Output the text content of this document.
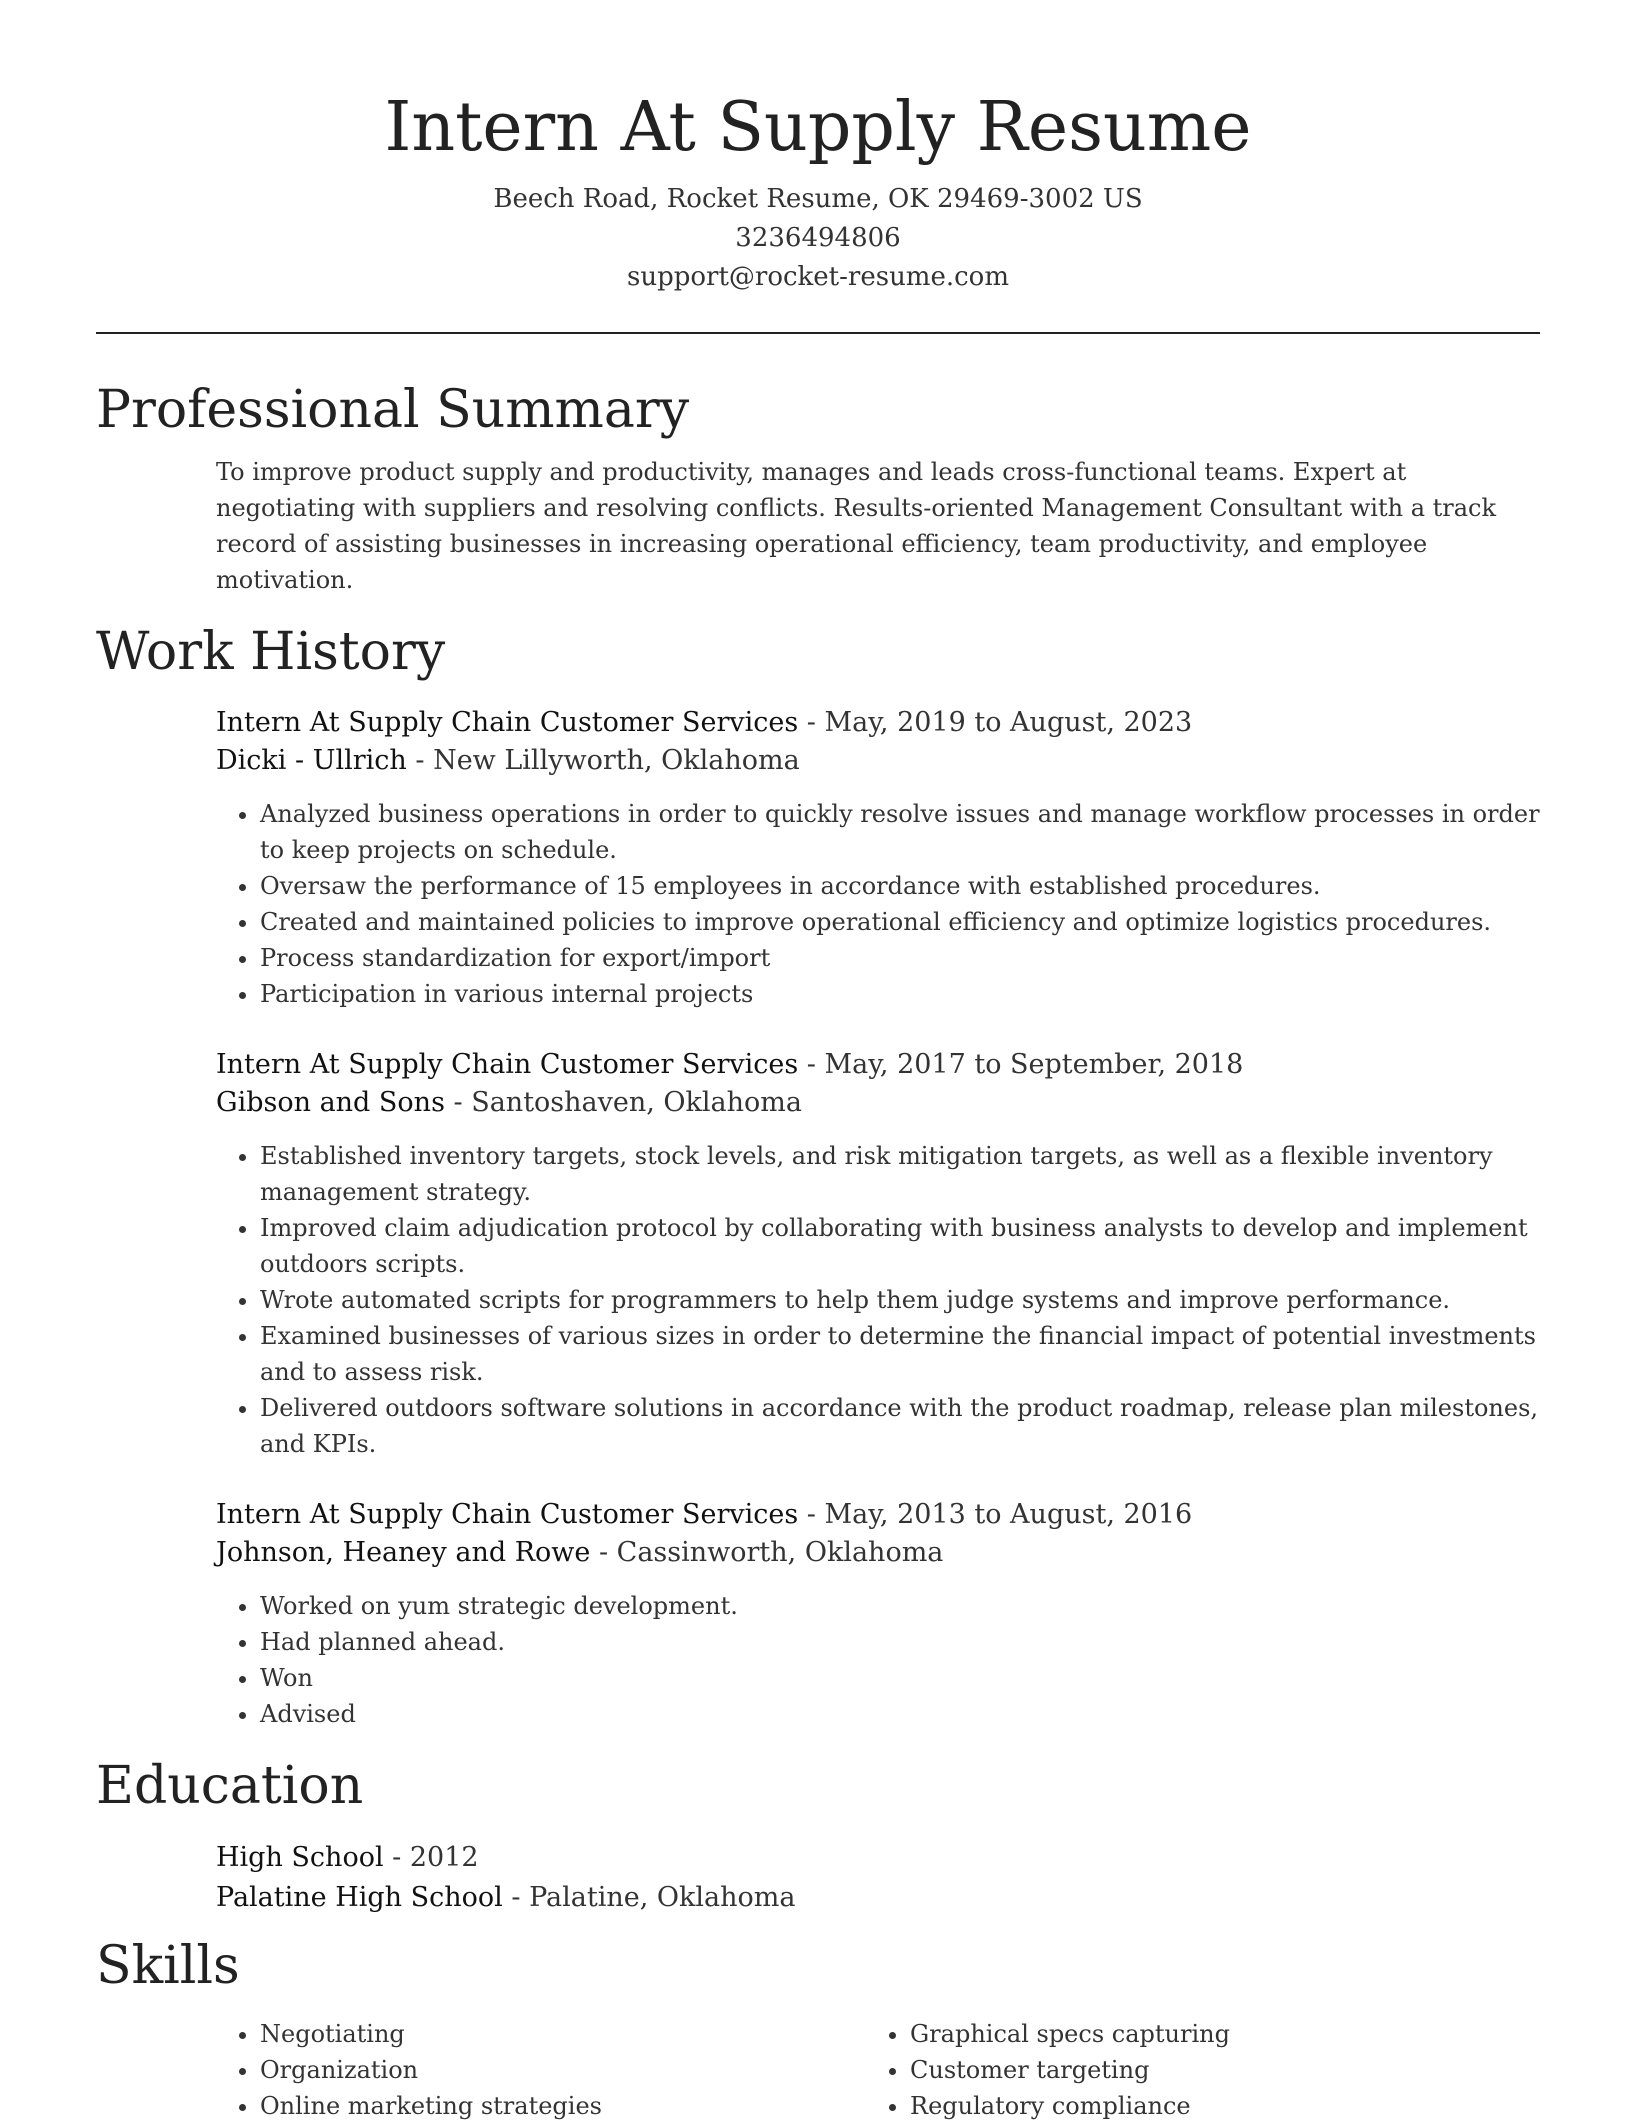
Intern At Supply Resume
Beech Road, Rocket Resume, OK 29469-3002 US
3236494806
support@rocket-resume.com
Professional Summary
To improve product supply and productivity, manages and leads cross-functional teams. Expert at negotiating with suppliers and resolving conflicts. Results-oriented Management Consultant with a track record of assisting businesses in increasing operational efficiency, team productivity, and employee motivation.
Work History
Intern At Supply Chain Customer Services - May, 2019 to August, 2023
Dicki - Ullrich - New Lillyworth, Oklahoma
• Analyzed business operations in order to quickly resolve issues and manage workflow processes in order to keep projects on schedule.
• Oversaw the performance of 15 employees in accordance with established procedures.
• Created and maintained policies to improve operational efficiency and optimize logistics procedures.
• Process standardization for export/import
• Participation in various internal projects
Intern At Supply Chain Customer Services - May, 2017 to September, 2018
Gibson and Sons - Santoshaven, Oklahoma
• Established inventory targets, stock levels, and risk mitigation targets, as well as a flexible inventory management strategy.
• Improved claim adjudication protocol by collaborating with business analysts to develop and implement outdoors scripts.
• Wrote automated scripts for programmers to help them judge systems and improve performance.
• Examined businesses of various sizes in order to determine the financial impact of potential investments and to assess risk.
• Delivered outdoors software solutions in accordance with the product roadmap, release plan milestones, and KPIs.
Intern At Supply Chain Customer Services - May, 2013 to August, 2016
Johnson, Heaney and Rowe - Cassinworth, Oklahoma
• Worked on yum strategic development.
• Had planned ahead.
• Won
• Advised
Education
High School - 2012
Palatine High School - Palatine, Oklahoma
Skills
• Negotiating
• Organization
• Online marketing strategies
• Graphical specs capturing
• Customer targeting
• Regulatory compliance
